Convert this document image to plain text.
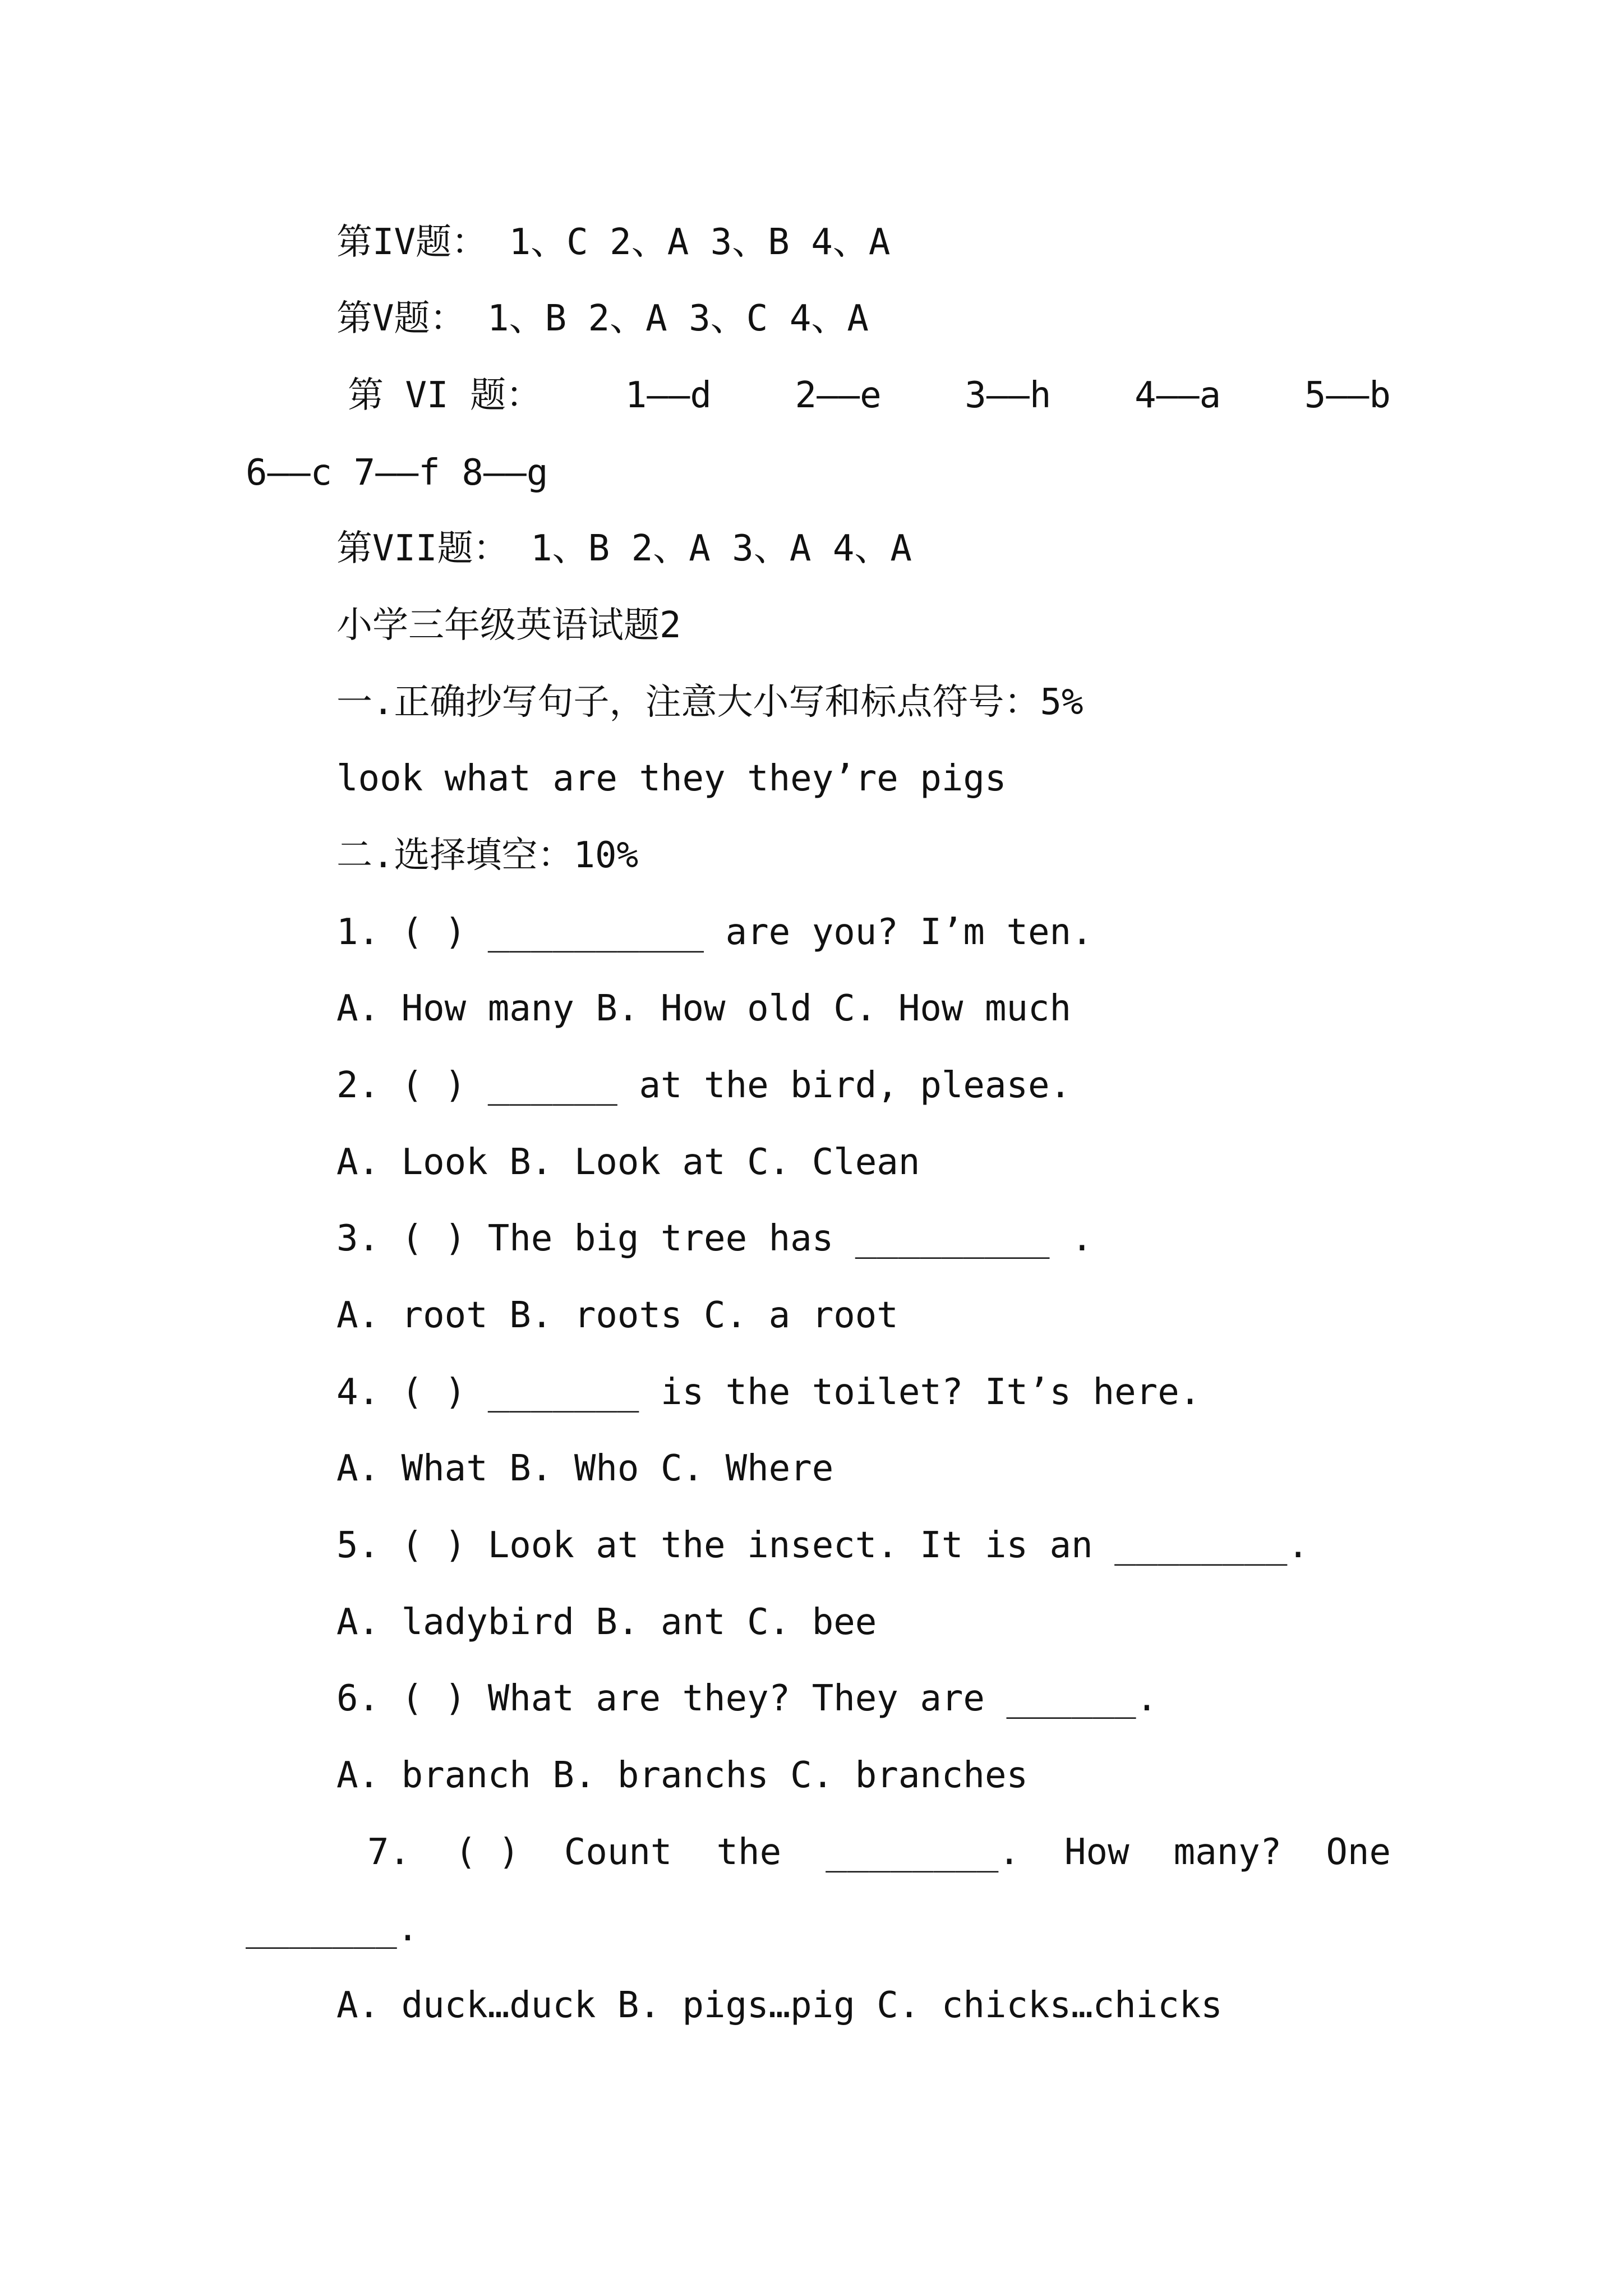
第IV题： 1、C 2、A 3、B 4、A
第V题： 1、B 2、A 3、C 4、A
第 VI 题： 1——d 2——e 3——h 4——a 5——b
6——c 7——f 8——g
第VII题： 1、B 2、A 3、A 4、A
小学三年级英语试题2
一.正确抄写句子，注意大小写和标点符号：5%
look what are they they’re pigs
二.选择填空：10%
1. ( ) __________ are you? I’m ten.
A. How many B. How old C. How much
2. ( ) ______ at the bird, please.
A. Look B. Look at C. Clean
3. ( ) The big tree has _________ .
A. root B. roots C. a root
4. ( ) _______ is the toilet? It’s here.
A. What B. Who C. Where
5. ( ) Look at the insect. It is an ________.
A. ladybird B. ant C. bee
6. ( ) What are they? They are ______.
A. branch B. branchs C. branches
7. ( ) Count the ________. How many? One
_______.
A. duck…duck B. pigs…pig C. chicks…chicks
